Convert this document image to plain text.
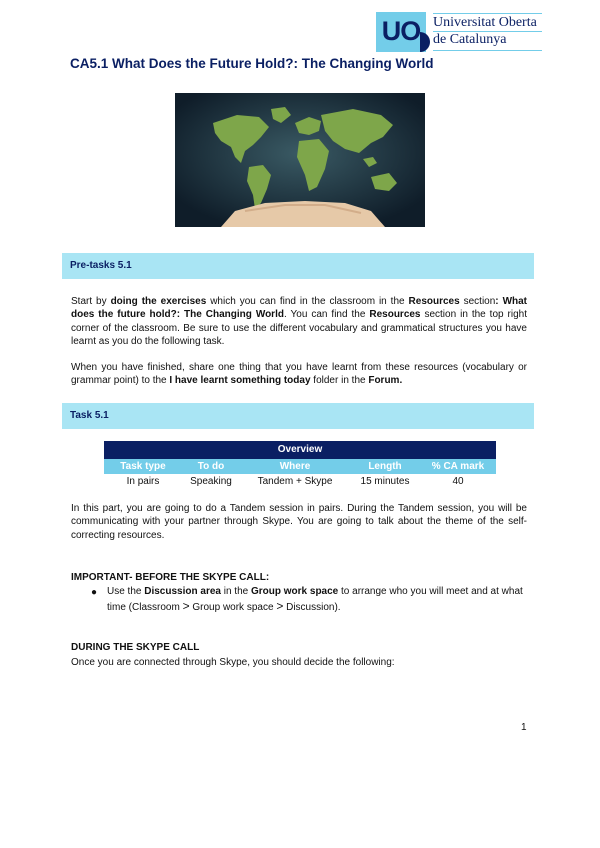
UO Universitat Oberta
de Catalunya
CA5.1 What Does the Future Hold?: The Changing World
Pre-tasks 5.1
Start by doing the exercises which you can find in the classroom in the Resources section: What does the future hold?: The Changing World. You can find the Resources section in the top right corner of the classroom. Be sure to use the different vocabulary and grammatical structures you have learnt as you do the following task.
When you have finished, share one thing that you have learnt from these resources (vocabulary or grammar point) to the I have learnt something today folder in the Forum.
Task 5.1
Overview
Task type	To do	Where	Length	% CA mark
In pairs	Speaking	Tandem + Skype	15 minutes	40
In this part, you are going to do a Tandem session in pairs. During the Tandem session, you will be communicating with your partner through Skype. You are going to talk about the theme of the self-correcting resources.
IMPORTANT- BEFORE THE SKYPE CALL:
● Use the Discussion area in the Group work space to arrange who you will meet and at what time (Classroom > Group work space > Discussion).
DURING THE SKYPE CALL
Once you are connected through Skype, you should decide the following:
1
